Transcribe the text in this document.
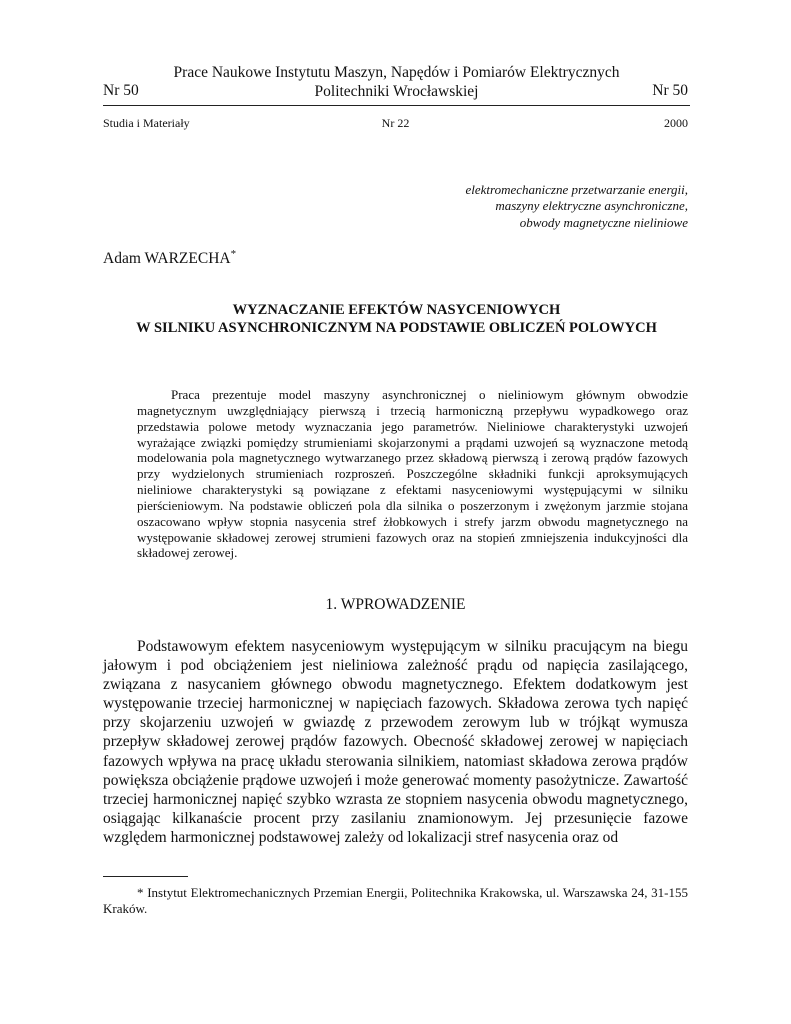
Prace Naukowe Instytutu Maszyn, Napędów i Pomiarów Elektrycznych
Politechniki Wrocławskiej
Nr 50	Nr 50
Studia i Materiały	Nr 22	2000
elektromechaniczne przetwarzanie energii,
maszyny elektryczne asynchroniczne,
obwody magnetyczne nieliniowe
Adam WARZECHA*
WYZNACZANIE EFEKTÓW NASYCENIOWYCH
W SILNIKU ASYNCHRONICZNYM NA PODSTAWIE OBLICZEŃ POLOWYCH
Praca prezentuje model maszyny asynchronicznej o nieliniowym głównym obwodzie magnetycznym uwzględniający pierwszą i trzecią harmoniczną przepływu wypadkowego oraz przedstawia polowe metody wyznaczania jego parametrów. Nieliniowe charakterystyki uzwojeń wyrażające związki pomiędzy strumieniami skojarzonymi a prądami uzwojeń są wyznaczone metodą modelowania pola magnetycznego wytwarzanego przez składową pierwszą i zerową prądów fazowych przy wydzielonych strumieniach rozproszeń. Poszczególne składniki funkcji aproksymujących nieliniowe charakterystyki są powiązane z efektami nasyceniowymi występującymi w silniku pierścieniowym. Na podstawie obliczeń pola dla silnika o poszerzonym i zwężonym jarzmie stojana oszacowano wpływ stopnia nasycenia stref żłobkowych i strefy jarzm obwodu magnetycznego na występowanie składowej zerowej strumieni fazowych oraz na stopień zmniejszenia indukcyjności dla składowej zerowej.
1. WPROWADZENIE
Podstawowym efektem nasyceniowym występującym w silniku pracującym na biegu jałowym i pod obciążeniem jest nieliniowa zależność prądu od napięcia zasilającego, związana z nasycaniem głównego obwodu magnetycznego. Efektem dodatkowym jest występowanie trzeciej harmonicznej w napięciach fazowych. Składowa zerowa tych napięć przy skojarzeniu uzwojeń w gwiazdę z przewodem zerowym lub w trójkąt wymusza przepływ składowej zerowej prądów fazowych. Obecność składowej zerowej w napięciach fazowych wpływa na pracę układu sterowania silnikiem, natomiast składowa zerowa prądów powiększa obciążenie prądowe uzwojeń i może generować momenty pasożytnicze. Zawartość trzeciej harmonicznej napięć szybko wzrasta ze stopniem nasycenia obwodu magnetycznego, osiągając kilkanaście procent przy zasilaniu znamionowym. Jej przesunięcie fazowe względem harmonicznej podstawowej zależy od lokalizacji stref nasycenia oraz od
* Instytut Elektromechanicznych Przemian Energii, Politechnika Krakowska, ul. Warszawska 24, 31-155 Kraków.
